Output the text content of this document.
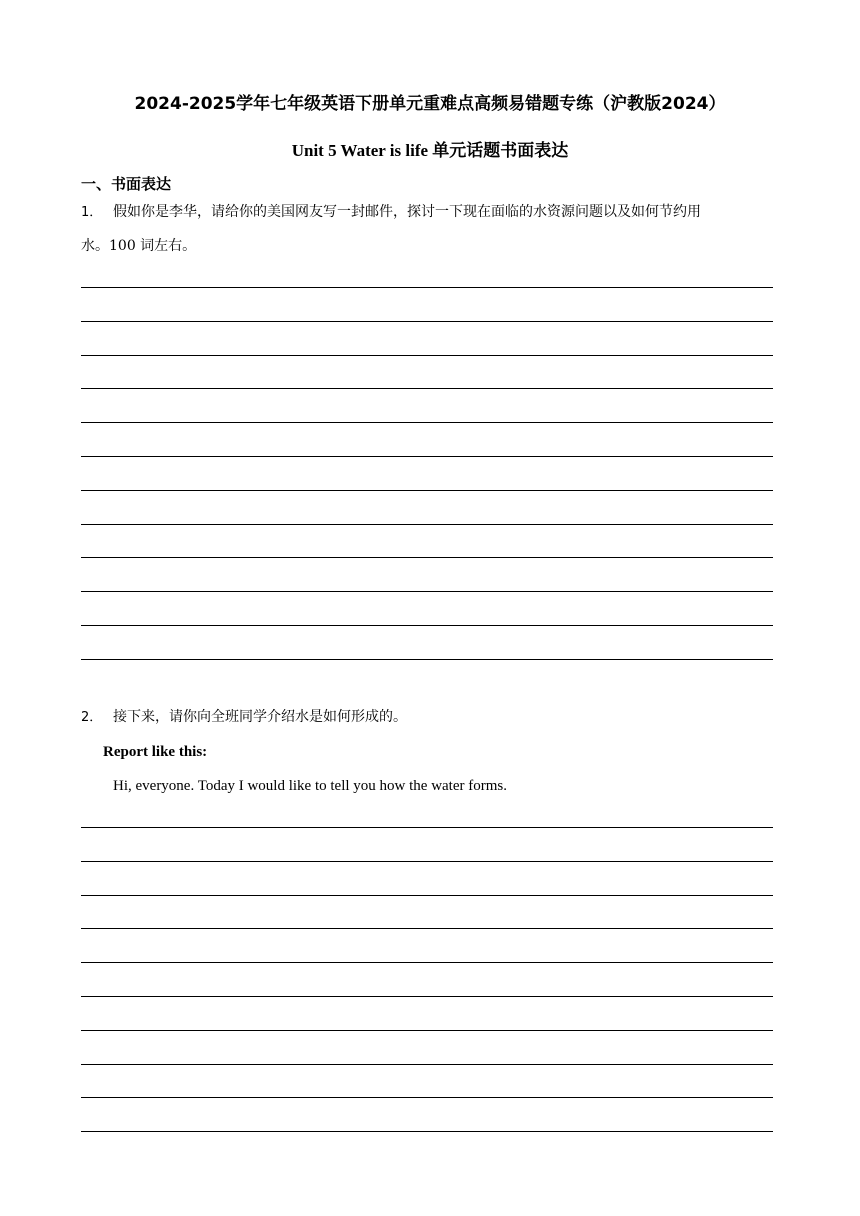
2024-2025学年七年级英语下册单元重难点高频易错题专练（沪教版2024）
Unit 5 Water is life 单元话题书面表达
一、书面表达
1． 假如你是李华，请给你的美国网友写一封邮件，探讨一下现在面临的水资源问题以及如何节约用
水。100 词左右。
2． 接下来，请你向全班同学介绍水是如何形成的。
Report like this:
Hi, everyone. Today I would like to tell you how the water forms.
